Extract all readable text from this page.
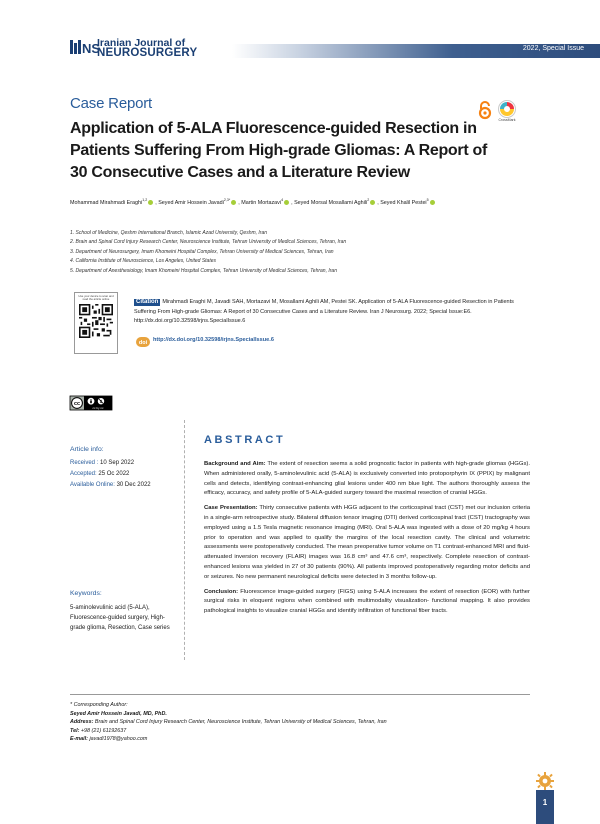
NS
Iranian Journal of
NEUROSURGERY	2022, Special Issue
Case Report
Application of 5-ALA Fluorescence-guided Resection in Patients Suffering From High-grade Gliomas: A Report of 30 Consecutive Cases and a Literature Review
CrossMark
Mohammad Mirahmadi Eraghi$^{1,2}$ , Seyed Amir Hossein Javadi$^{2,3*}$ , Martin Mortazavi$^4$ , Seyed Morsal Mosallami Aghili$^2$ , Seyed Khalil Pestei$^5$
1. School of Medicine, Qeshm International Branch, Islamic Azad University, Qeshm, Iran
2. Brain and Spinal Cord Injury Research Center, Neuroscience Institute, Tehran University of Medical Sciences, Tehran, Iran
3. Department of Neurosurgery, Imam Khomeini Hospital Complex, Tehran University of Medical Sciences, Tehran, Iran
4. California Institute of Neuroscience, Los Angeles, United States
5. Department of Anesthesiology, Imam Khomeini Hospital Complex, Tehran University of Medical Sciences, Tehran, Iran
Use your device to scan and read the article online	Citation Mirahmadi Eraghi M, Javadi SAH, Mortazavi M, Mosallami Aghili AM, Pestei SK. Application of 5-ALA Fluorescence-guided Resection in Patients Suffering From High-grade Gliomas: A Report of 30 Consecutive Cases and a Literature Review. Iran J Neurosurg. 2022; Special Issue:E6. http://dx.doi.org/10.32598/irjns.SpecialIssue.6
doi http://dx.doi.org/10.32598/irjns.SpecialIssue.6
cc
cc by nc
Article info:
Received : 10 Sep 2022
Accepted: 25 Oc 2022
Available Online: 30 Dec 2022
Keywords:
5-aminolevulinic acid (5-ALA), Fluorescence-guided surgery, High-grade glioma, Resection, Case series
ABSTRACT

Background and Aim: The extent of resection seems a solid prognostic factor in patients with high-grade gliomas (HGGs). When administered orally, 5-aminolevulinic acid (5-ALA) is exclusively converted into protoporphyrin IX (PPIX) by malignant cells and detects, identifying contrast-enhancing glial lesions under 400 nm blue light. The authors thoroughly assess the efficacy, accuracy, and safety profile of 5-ALA-guided surgery toward the maximal resection of cranial HGGs.

Case Presentation: Thirty consecutive patients with HGG adjacent to the corticospinal tract (CST) met our inclusion criteria in a single-arm retrospective study. Bilateral diffusion tensor imaging (DTI) derived corticospinal tract (CST) tractography was employed using a 1.5 Tesla magnetic resonance imaging (MRI). Oral 5-ALA was ingested with a dose of 20 mg/kg 4 hours prior to operation and was applied to qualify the margins of the local resection cavity. The clinical and volumetric assessments were postoperatively conducted. The mean preoperative tumor volume on T1 contrast-enhanced MRI and fluid-attenuated inversion recovery (FLAIR) images was 16.8 cm³ and 47.6 cm³, respectively. Complete resection of contrast-enhanced lesions was yielded in 27 of 30 patients (90%). All patients improved postoperatively regarding motor deficits and or seizures. No new permanent neurological deficits were detected in 3 months follow-up.

Conclusion: Fluorescence image-guided surgery (FIGS) using 5-ALA increases the extent of resection (EOR) with further surgical risks in eloquent regions when combined with multimodality visualization- functional mapping. It also provides pathological insights to visualize cranial HGGs and identify infiltration of functional fiber tracts.

* Corresponding Author:
Seyed Amir Hossein Javadi, MD, PhD.
Address: Brain and Spinal Cord Injury Research Center, Neuroscience Institute, Tehran University of Medical Sciences, Tehran, Iran
Tel: +98 (21) 61192637
E-mail: javadi1978@yahoo.com
1
